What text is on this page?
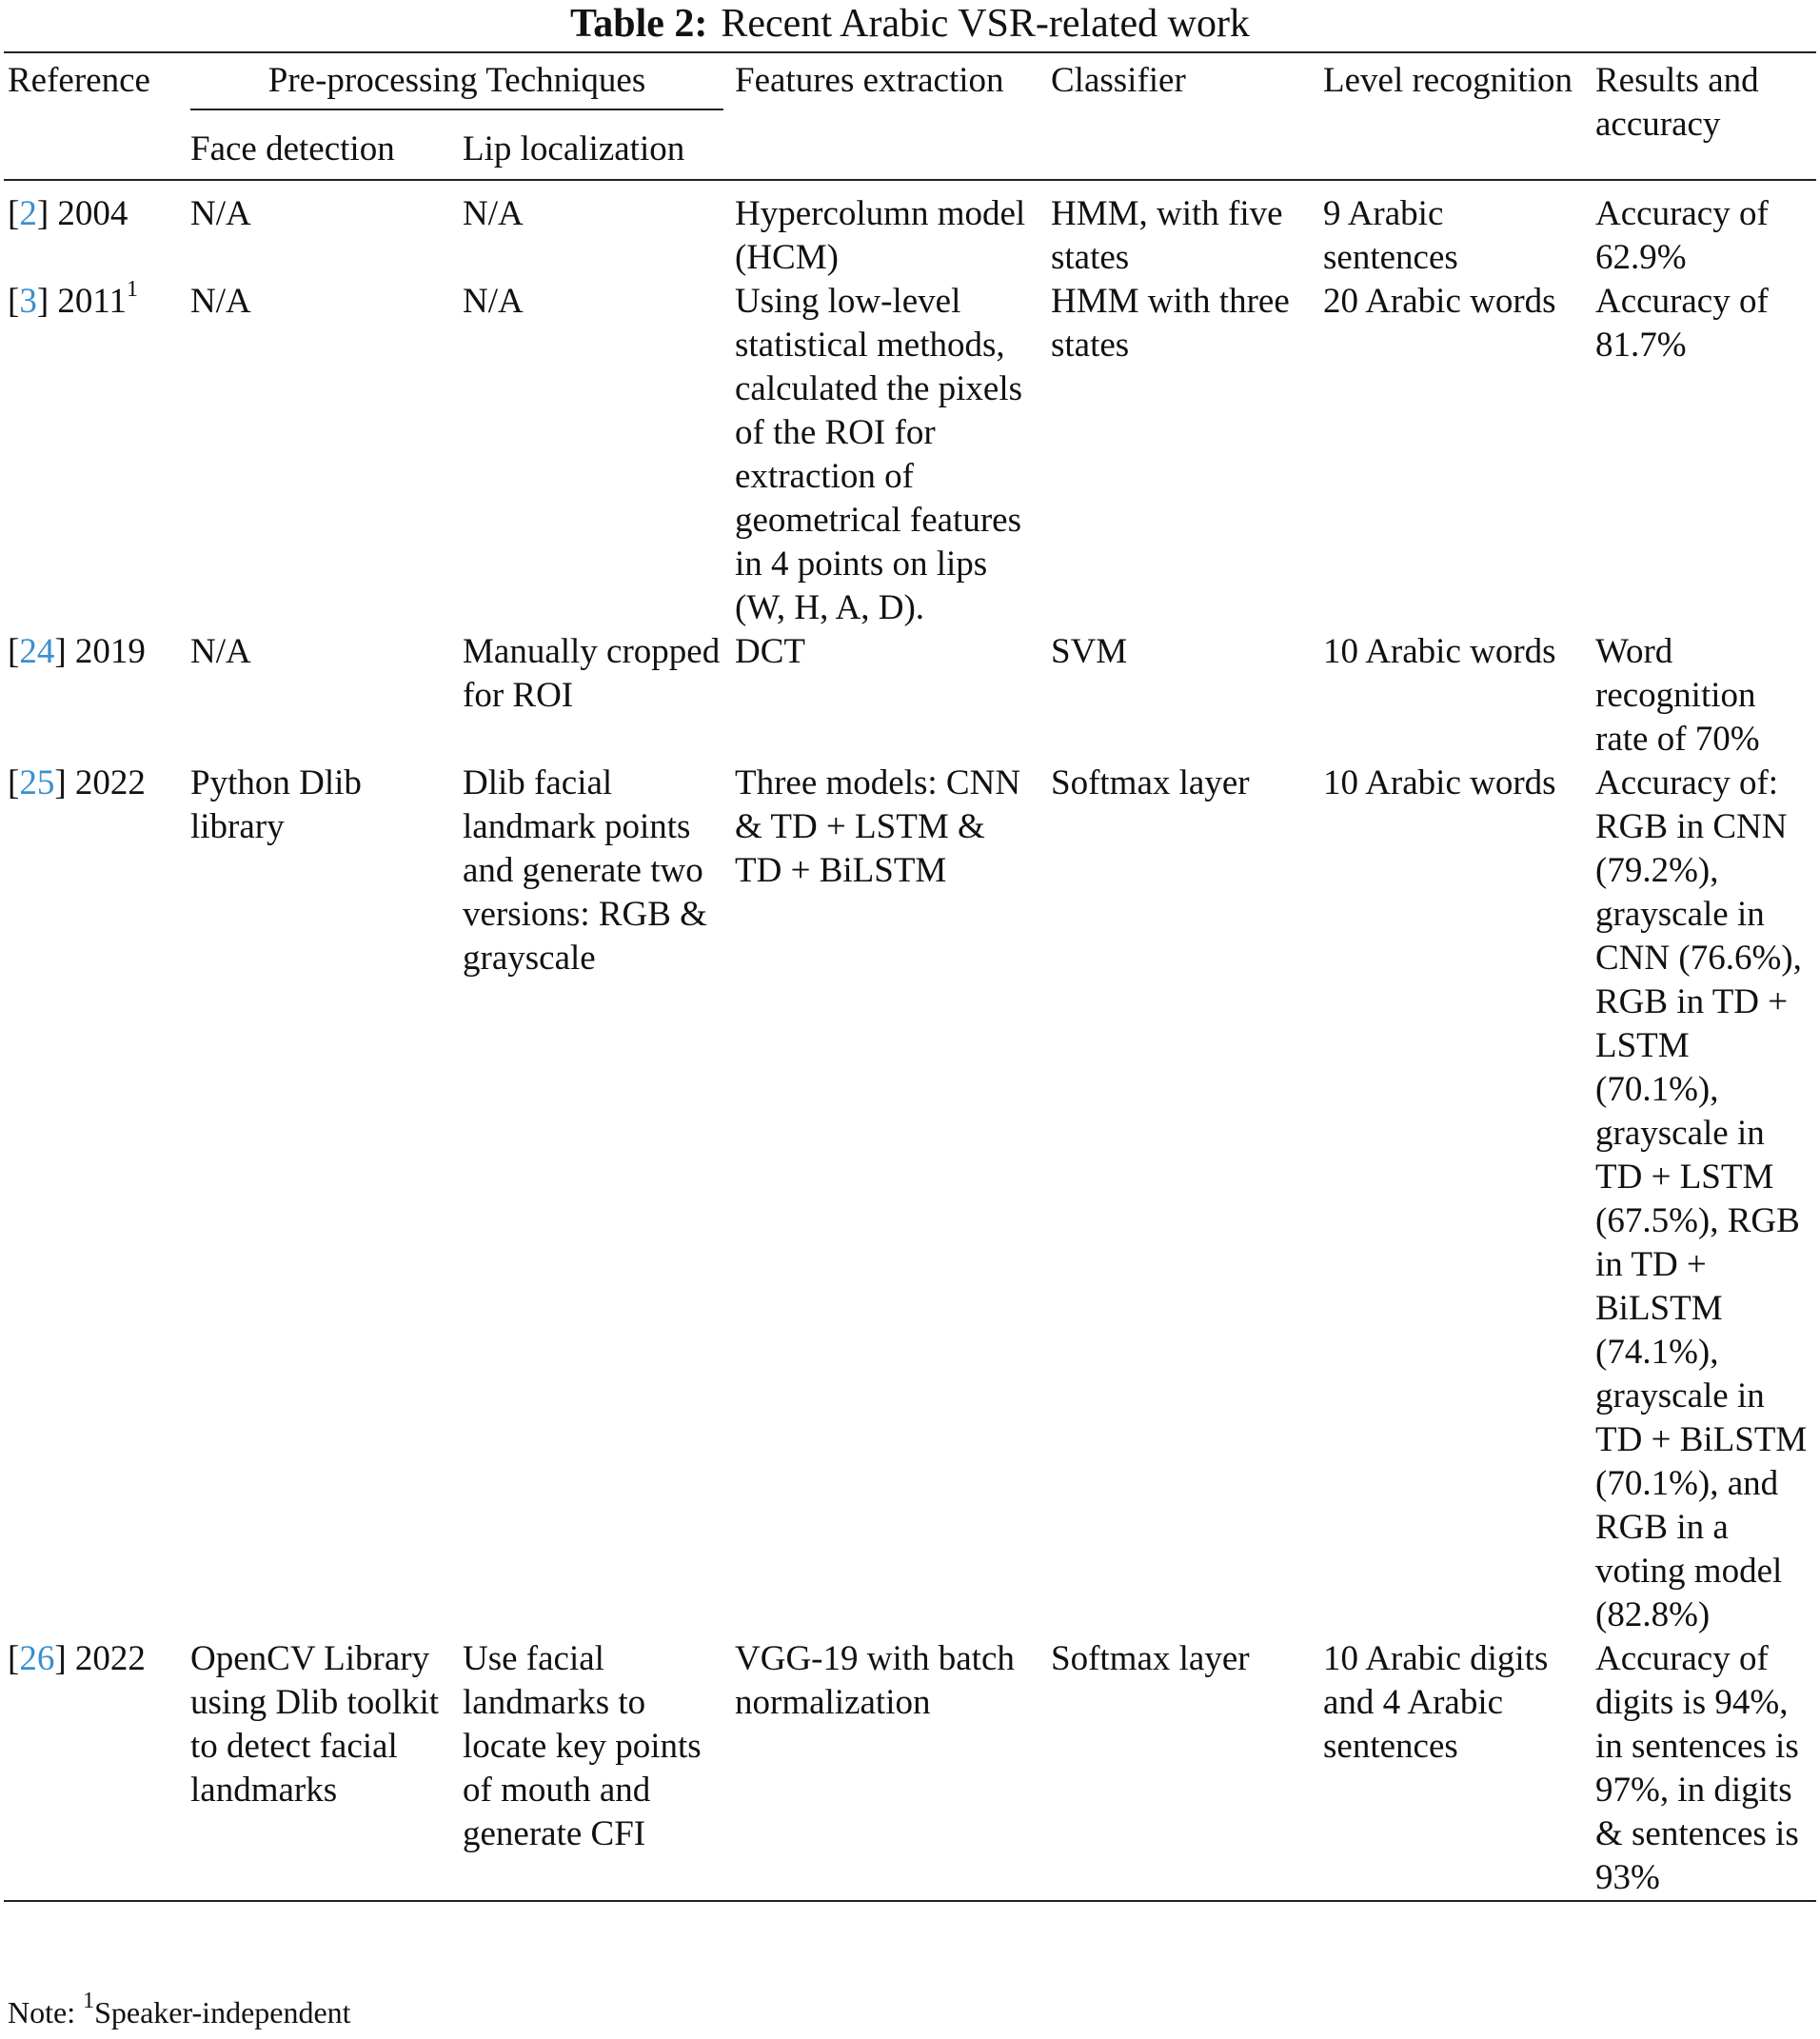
Table 2: Recent Arabic VSR-related work
Reference	Pre-processing Techniques		Features extraction	Classifier	Level recognition	Results and accuracy
	Face detection	Lip localization				
[2] 2004	N/A	N/A	Hypercolumn model (HCM)	HMM, with five states	9 Arabic sentences	Accuracy of 62.9%
[3] 2011$^1$	N/A	N/A	Using low-level statistical methods, calculated the pixels of the ROI for extraction of geometrical features in 4 points on lips (W, H, A, D).	HMM with three states	20 Arabic words	Accuracy of 81.7%
[24] 2019	N/A	Manually cropped for ROI	DCT	SVM	10 Arabic words	Word recognition rate of 70%
[25] 2022	Python Dlib library	Dlib facial landmark points and generate two versions: RGB & grayscale	Three models: CNN & TD + LSTM & TD + BiLSTM	Softmax layer	10 Arabic words	Accuracy of: RGB in CNN (79.2%), grayscale in CNN (76.6%), RGB in TD + LSTM (70.1%), grayscale in TD + LSTM (67.5%), RGB in TD + BiLSTM (74.1%), grayscale in TD + BiLSTM (70.1%), and RGB in a voting model (82.8%)
[26] 2022	OpenCV Library using Dlib toolkit to detect facial landmarks	Use facial landmarks to locate key points of mouth and generate CFI	VGG-19 with batch normalization	Softmax layer	10 Arabic digits and 4 Arabic sentences	Accuracy of digits is 94%, in sentences is 97%, in digits & sentences is 93%
Note: $^1$Speaker-independent
